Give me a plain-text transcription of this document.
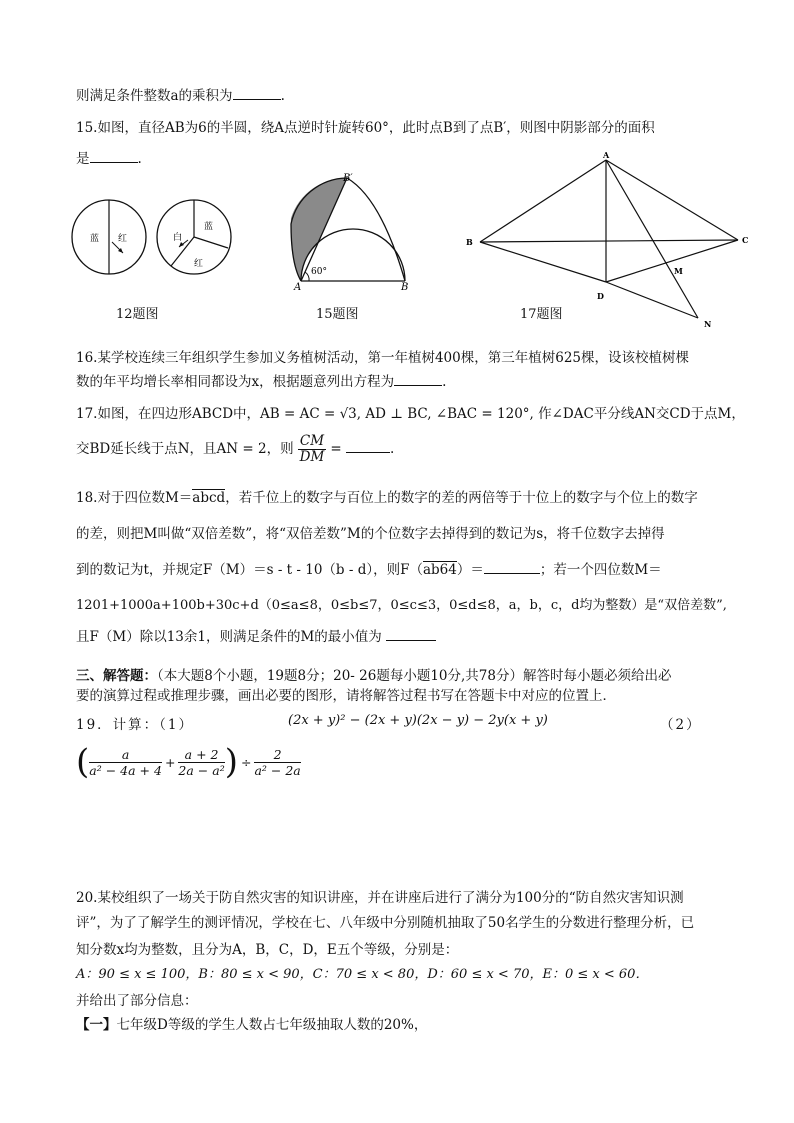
则满足条件整数a的乘积为	.
15.如图，直径AB为6的半圆，绕A点逆时针旋转60°，此时点B到了点B′，则图中阴影部分的面积
是	.
蓝 红
蓝
白
红
12题图
A	B
B′
60°
15题图
A
B	C
D
M
N
17题图
16.某学校连续三年组织学生参加义务植树活动，第一年植树400棵，第三年植树625棵，设该校植树棵
数的年平均增长率相同都设为x，根据题意列出方程为	.
17.如图，在四边形ABCD中，AB = AC = √3, AD ⊥ BC, ∠BAC = 120°, 作∠DAC平分线AN交CD于点M，
交BD延长线于点N，且AN = 2，则 $\frac{CM}{DM}$ =	.
18.对于四位数M＝abcd，若千位上的数字与百位上的数字的差的两倍等于十位上的数字与个位上的数字
的差，则把M叫做“双倍差数”，将“双倍差数”M的个位数字去掉得到的数记为s，将千位数字去掉得
到的数记为t，并规定F（M）＝s - t - 10（b - d），则F（ab64）＝	；若一个四位数M＝
1201+1000a+100b+30c+d（0≤a≤8，0≤b≤7，0≤c≤3，0≤d≤8，a，b，c，d均为整数）是“双倍差数”,
且F（M）除以13余1，则满足条件的M的最小值为
三、解答题：（本大题8个小题，19题8分；20- 26题每小题10分,共78分）解答时每小题必须给出必
要的演算过程或推理步骤，画出必要的图形，请将解答过程书写在答题卡中对应的位置上．
19．计算：（1）	(2x + y)² − (2x + y)(2x − y) − 2y(x + y)	（2）
( $\frac{a}{\text{a² − 4a + 4}} + \frac{a + 2}{\text{2a − a²}}$ ) ÷ $\frac{2}{\text{a² − 2a}}$
20.某校组织了一场关于防自然灾害的知识讲座，并在讲座后进行了满分为100分的“防自然灾害知识测
评”，为了了解学生的测评情况，学校在七、八年级中分别随机抽取了50名学生的分数进行整理分析，已
知分数x均为整数，且分为A，B，C，D，E五个等级，分别是：
A：90 ≤ x ≤ 100，B：80 ≤ x < 90，C：70 ≤ x < 80，D：60 ≤ x < 70，E：0 ≤ x < 60．
并给出了部分信息：
【一】七年级D等级的学生人数占七年级抽取人数的20%，
